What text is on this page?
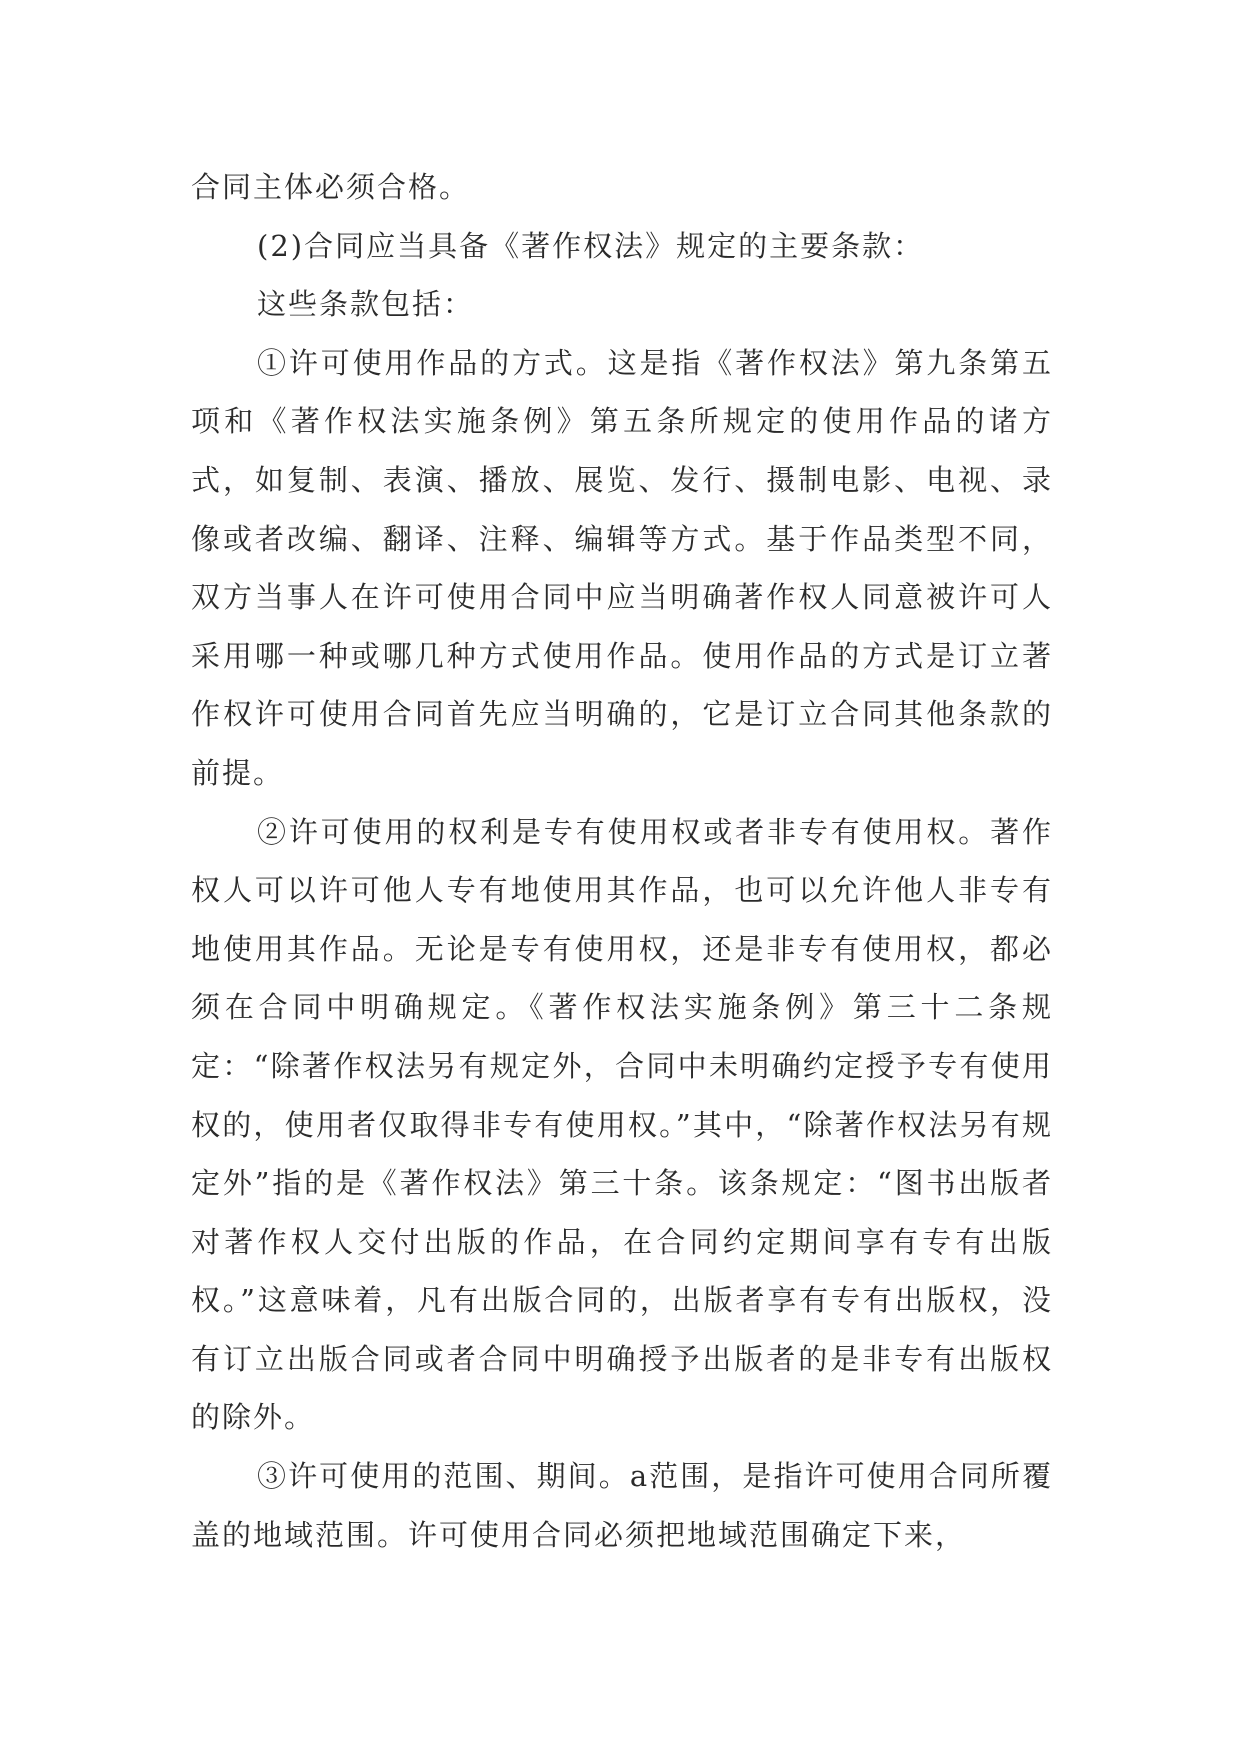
合同主体必须合格。

(2)合同应当具备《著作权法》规定的主要条款：

这些条款包括：

①许可使用作品的方式。这是指《著作权法》第九条第五项和《著作权法实施条例》第五条所规定的使用作品的诸方式，如复制、表演、播放、展览、发行、摄制电影、电视、录像或者改编、翻译、注释、编辑等方式。基于作品类型不同，双方当事人在许可使用合同中应当明确著作权人同意被许可人采用哪一种或哪几种方式使用作品。使用作品的方式是订立著作权许可使用合同首先应当明确的，它是订立合同其他条款的前提。

②许可使用的权利是专有使用权或者非专有使用权。著作权人可以许可他人专有地使用其作品，也可以允许他人非专有地使用其作品。无论是专有使用权，还是非专有使用权，都必须在合同中明确规定。《著作权法实施条例》第三十二条规定：“除著作权法另有规定外，合同中未明确约定授予专有使用权的，使用者仅取得非专有使用权。”其中，“除著作权法另有规定外”指的是《著作权法》第三十条。该条规定：“图书出版者对著作权人交付出版的作品，在合同约定期间享有专有出版权。”这意味着，凡有出版合同的，出版者享有专有出版权，没有订立出版合同或者合同中明确授予出版者的是非专有出版权的除外。

③许可使用的范围、期间。a范围，是指许可使用合同所覆盖的地域范围。许可使用合同必须把地域范围确定下来，
